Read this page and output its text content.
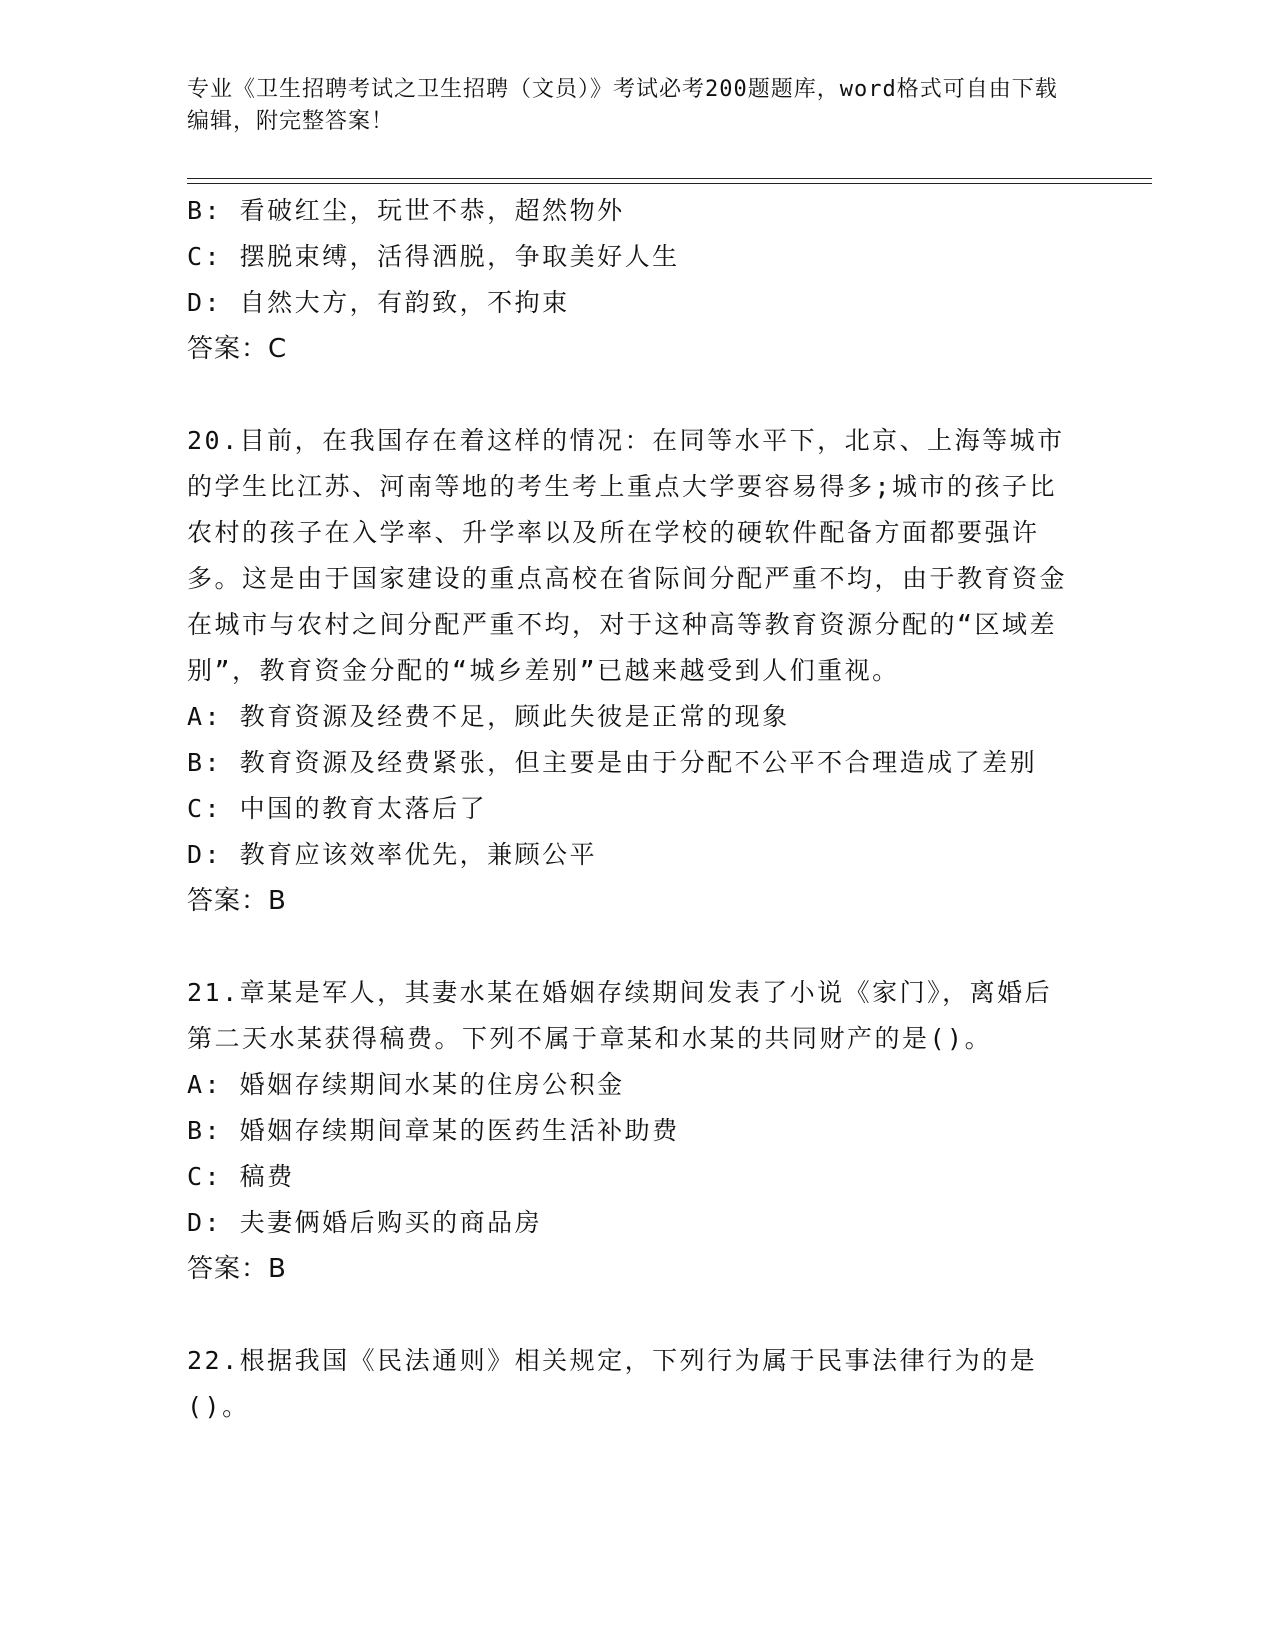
专业《卫生招聘考试之卫生招聘（文员）》考试必考200题题库，word格式可自由下载编辑，附完整答案！
B: 看破红尘，玩世不恭，超然物外
C: 摆脱束缚，活得洒脱，争取美好人生
D: 自然大方，有韵致，不拘束
答案：C
20.目前，在我国存在着这样的情况：在同等水平下，北京、上海等城市的学生比江苏、河南等地的考生考上重点大学要容易得多;城市的孩子比农村的孩子在入学率、升学率以及所在学校的硬软件配备方面都要强许多。这是由于国家建设的重点高校在省际间分配严重不均，由于教育资金在城市与农村之间分配严重不均，对于这种高等教育资源分配的“区域差别”，教育资金分配的“城乡差别”已越来越受到人们重视。
A: 教育资源及经费不足，顾此失彼是正常的现象
B: 教育资源及经费紧张，但主要是由于分配不公平不合理造成了差别
C: 中国的教育太落后了
D: 教育应该效率优先，兼顾公平
答案：B
21.章某是军人，其妻水某在婚姻存续期间发表了小说《家门》，离婚后第二天水某获得稿费。下列不属于章某和水某的共同财产的是()。
A: 婚姻存续期间水某的住房公积金
B: 婚姻存续期间章某的医药生活补助费
C: 稿费
D: 夫妻俩婚后购买的商品房
答案：B
22.根据我国《民法通则》相关规定，下列行为属于民事法律行为的是()。
